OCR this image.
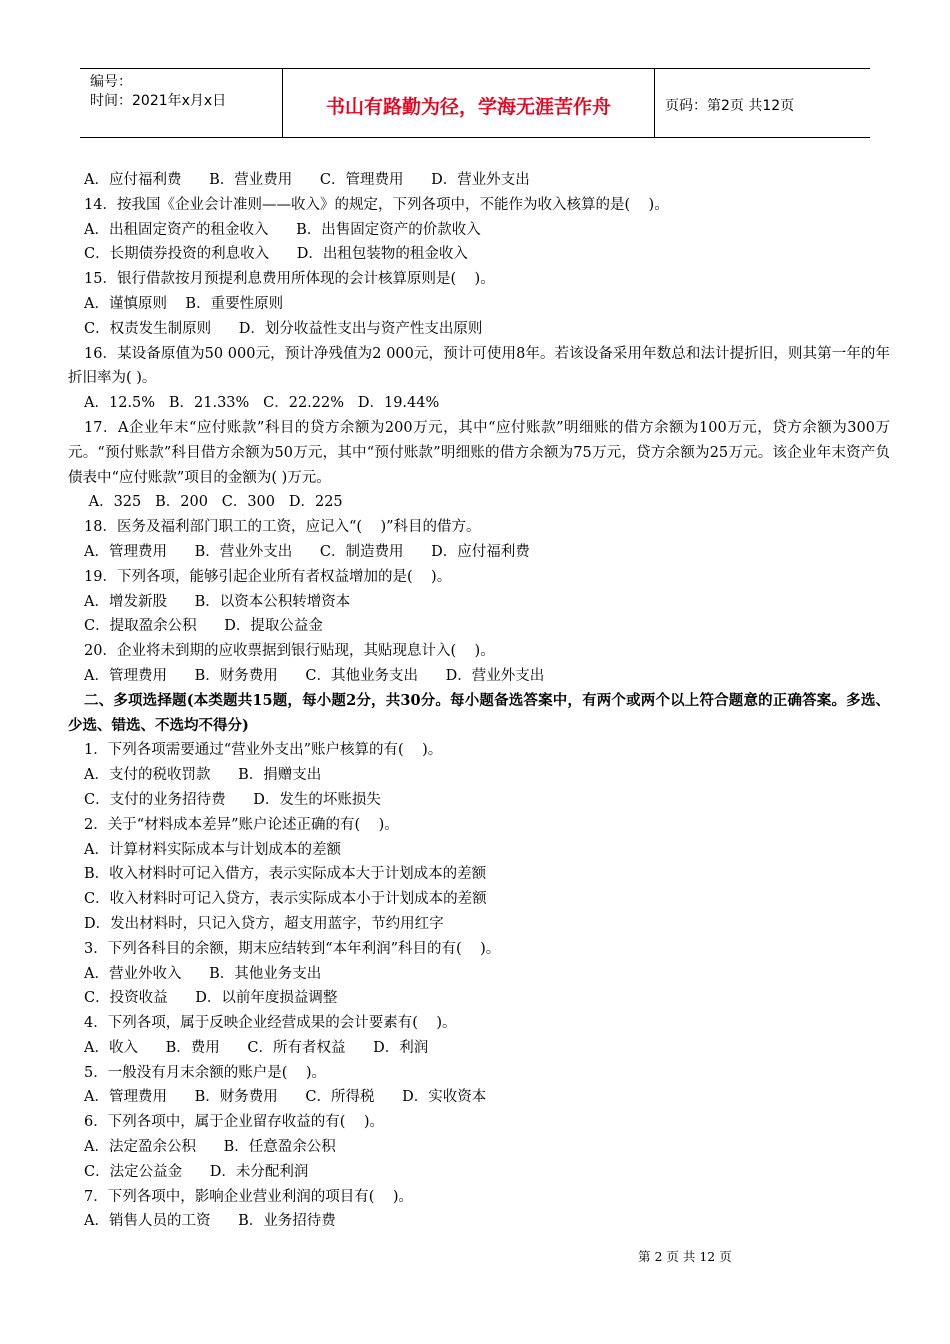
编号：
时间：2021年x月x日	书山有路勤为径，学海无涯苦作舟	页码：第2页 共12页
A．应付福利费      B．营业费用      C．管理费用      D．营业外支出
14．按我国《企业会计准则——收入》的规定，下列各项中，不能作为收入核算的是(    )。
A．出租固定资产的租金收入      B．出售固定资产的价款收入
C．长期债券投资的利息收入      D．出租包装物的租金收入
15．银行借款按月预提利息费用所体现的会计核算原则是(    )。
A．谨慎原则    B．重要性原则
C．权责发生制原则      D．划分收益性支出与资产性支出原则
16．某设备原值为50 000元，预计净残值为2 000元，预计可使用8年。若该设备采用年数总和法计提折旧，则其第一年的年折旧率为( )。
A．12.5%   B．21.33%   C．22.22%   D．19.44%
17．A企业年末“应付账款”科目的贷方余额为200万元，其中“应付账款”明细账的借方余额为100万元，贷方余额为300万元。“预付账款”科目借方余额为50万元，其中“预付账款”明细账的借方余额为75万元，贷方余额为25万元。该企业年末资产负债表中“应付账款”项目的金额为( )万元。
A．325   B．200   C．300   D．225
18．医务及福利部门职工的工资，应记入“(    )”科目的借方。
A．管理费用      B．营业外支出      C．制造费用      D．应付福利费
19．下列各项，能够引起企业所有者权益增加的是(    )。
A．增发新股      B．以资本公积转增资本
C．提取盈余公积      D．提取公益金
20．企业将未到期的应收票据到银行贴现，其贴现息计入(    )。
A．管理费用      B．财务费用      C．其他业务支出      D．营业外支出
二、多项选择题(本类题共15题，每小题2分，共30分。每小题备选答案中，有两个或两个以上符合题意的正确答案。多选、少选、错选、不选均不得分)
1．下列各项需要通过“营业外支出”账户核算的有(    )。
A．支付的税收罚款      B．捐赠支出
C．支付的业务招待费      D．发生的坏账损失
2．关于“材料成本差异”账户论述正确的有(    )。
A．计算材料实际成本与计划成本的差额
B．收入材料时可记入借方，表示实际成本大于计划成本的差额
C．收入材料时可记入贷方，表示实际成本小于计划成本的差额
D．发出材料时，只记入贷方，超支用蓝字，节约用红字
3．下列各科目的余额，期末应结转到“本年利润”科目的有(    )。
A．营业外收入      B．其他业务支出
C．投资收益      D．以前年度损益调整
4．下列各项，属于反映企业经营成果的会计要素有(    )。
A．收入      B．费用      C．所有者权益      D．利润
5．一般没有月末余额的账户是(    )。
A．管理费用      B．财务费用      C．所得税      D．实收资本
6．下列各项中，属于企业留存收益的有(    )。
A．法定盈余公积      B．任意盈余公积
C．法定公益金      D．未分配利润
7．下列各项中，影响企业营业利润的项目有(    )。
A．销售人员的工资      B．业务招待费
第 2 页 共 12 页
